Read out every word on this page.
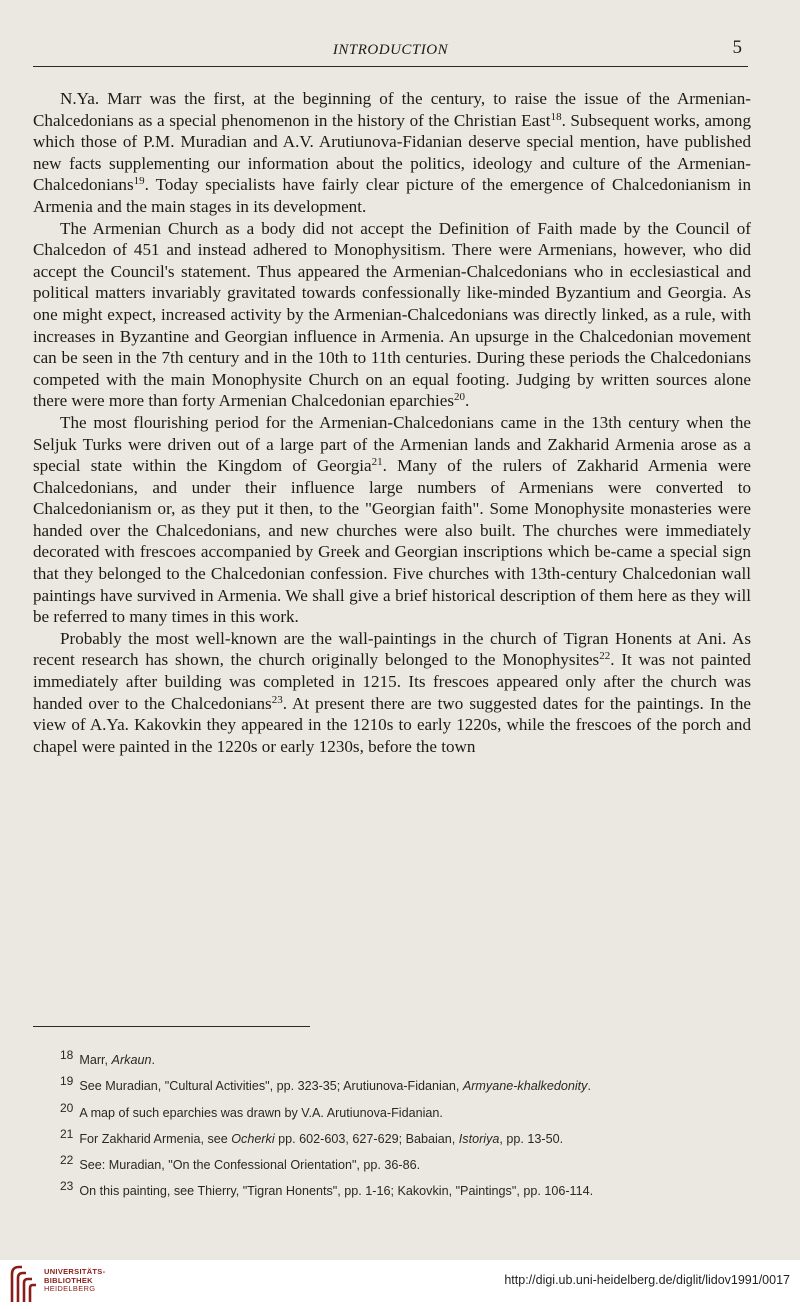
INTRODUCTION	5

N.Ya. Marr was the first, at the beginning of the century, to raise the issue of the Armenian-Chalcedonians as a special phenomenon in the history of the Christian East$^{18}$. Subsequent works, among which those of P.M. Muradian and A.V. Arutiunova-Fidanian deserve special mention, have published new facts supplementing our information about the politics, ideology and culture of the Armenian-Chalcedonians$^{19}$. Today specialists have fairly clear picture of the emergence of Chalcedonianism in Armenia and the main stages in its development.

The Armenian Church as a body did not accept the Definition of Faith made by the Council of Chalcedon of 451 and instead adhered to Monophysitism. There were Armenians, however, who did accept the Council's statement. Thus appeared the Armenian-Chalcedonians who in ecclesiastical and political matters invariably gravitated towards confessionally like-minded Byzantium and Georgia. As one might expect, increased activity by the Armenian-Chalcedonians was directly linked, as a rule, with increases in Byzantine and Georgian influence in Armenia. An upsurge in the Chalcedonian movement can be seen in the 7th century and in the 10th to 11th centuries. During these periods the Chalcedonians competed with the main Monophysite Church on an equal footing. Judging by written sources alone there were more than forty Armenian Chalcedonian eparchies$^{20}$.

The most flourishing period for the Armenian-Chalcedonians came in the 13th century when the Seljuk Turks were driven out of a large part of the Armenian lands and Zakharid Armenia arose as a special state within the Kingdom of Georgia$^{21}$. Many of the rulers of Zakharid Armenia were Chalcedonians, and under their influence large numbers of Armenians were converted to Chalcedonianism or, as they put it then, to the "Georgian faith". Some Monophysite monasteries were handed over the Chalcedonians, and new churches were also built. The churches were immediately decorated with frescoes accompanied by Greek and Georgian inscriptions which be-came a special sign that they belonged to the Chalcedonian confession. Five churches with 13th-century Chalcedonian wall paintings have survived in Armenia. We shall give a brief historical description of them here as they will be referred to many times in this work.

Probably the most well-known are the wall-paintings in the church of Tigran Honents at Ani. As recent research has shown, the church originally belonged to the Monophysites$^{22}$. It was not painted immediately after building was completed in 1215. Its frescoes appeared only after the church was handed over to the Chalcedonians$^{23}$. At present there are two suggested dates for the paintings. In the view of A.Ya. Kakovkin they appeared in the 1210s to early 1220s, while the frescoes of the porch and chapel were painted in the 1220s or early 1230s, before the town

18 Marr, Arkaun.
19 See Muradian, "Cultural Activities", pp. 323-35; Arutiunova-Fidanian, Armyane-khalkedonity.
20 A map of such eparchies was drawn by V.A. Arutiunova-Fidanian.
21 For Zakharid Armenia, see Ocherki pp. 602-603, 627-629; Babaian, Istoriya, pp. 13-50.
22 See: Muradian, "On the Confessional Orientation", pp. 36-86.
23 On this painting, see Thierry, "Tigran Honents", pp. 1-16; Kakovkin, "Paintings", pp. 106-114.
UNIVERSITÄTS-
BIBLIOTHEK
HEIDELBERG
http://digi.ub.uni-heidelberg.de/diglit/lidov1991/0017
